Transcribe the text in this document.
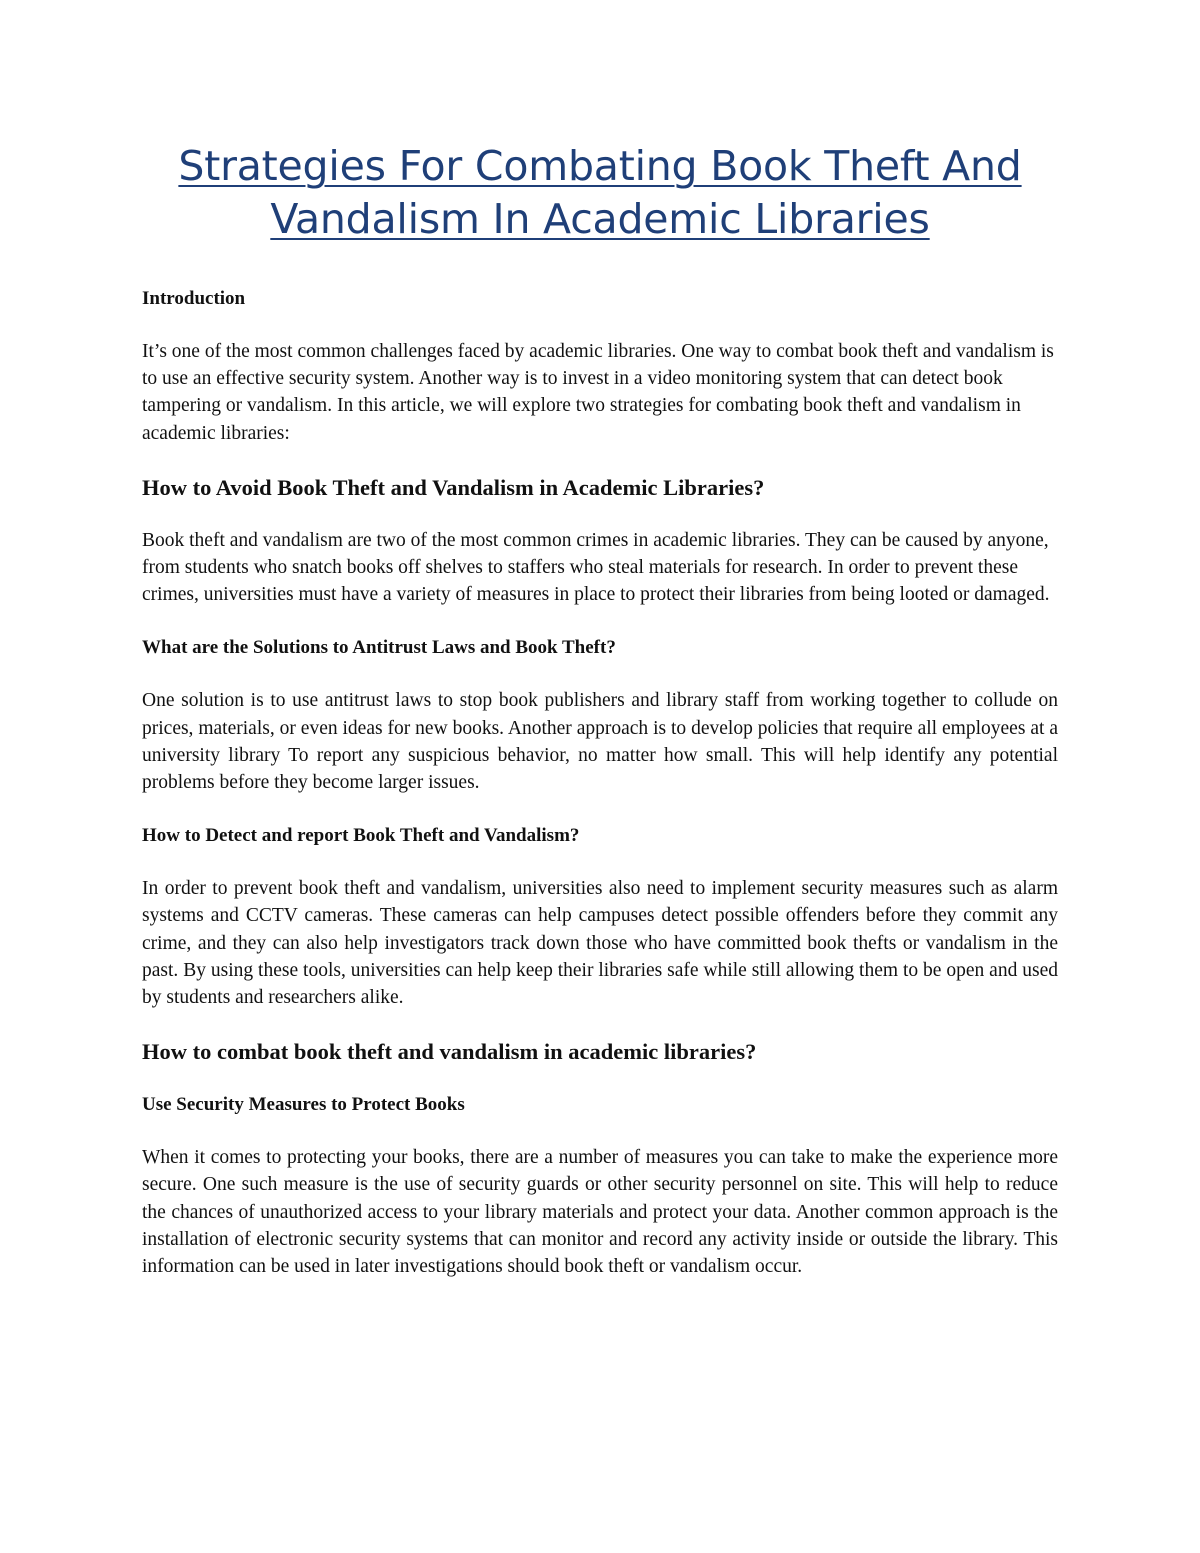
Strategies For Combating Book Theft And Vandalism In Academic Libraries
Introduction

It’s one of the most common challenges faced by academic libraries. One way to combat book theft and vandalism is to use an effective security system. Another way is to invest in a video monitoring system that can detect book tampering or vandalism. In this article, we will explore two strategies for combating book theft and vandalism in academic libraries:

How to Avoid Book Theft and Vandalism in Academic Libraries?

Book theft and vandalism are two of the most common crimes in academic libraries. They can be caused by anyone, from students who snatch books off shelves to staffers who steal materials for research. In order to prevent these crimes, universities must have a variety of measures in place to protect their libraries from being looted or damaged.

What are the Solutions to Antitrust Laws and Book Theft?

One solution is to use antitrust laws to stop book publishers and library staff from working together to collude on prices, materials, or even ideas for new books. Another approach is to develop policies that require all employees at a university library To report any suspicious behavior, no matter how small. This will help identify any potential problems before they become larger issues.

How to Detect and report Book Theft and Vandalism?

In order to prevent book theft and vandalism, universities also need to implement security measures such as alarm systems and CCTV cameras. These cameras can help campuses detect possible offenders before they commit any crime, and they can also help investigators track down those who have committed book thefts or vandalism in the past. By using these tools, universities can help keep their libraries safe while still allowing them to be open and used by students and researchers alike.

How to combat book theft and vandalism in academic libraries?
Use Security Measures to Protect Books

When it comes to protecting your books, there are a number of measures you can take to make the experience more secure. One such measure is the use of security guards or other security personnel on site. This will help to reduce the chances of unauthorized access to your library materials and protect your data. Another common approach is the installation of electronic security systems that can monitor and record any activity inside or outside the library. This information can be used in later investigations should book theft or vandalism occur.
